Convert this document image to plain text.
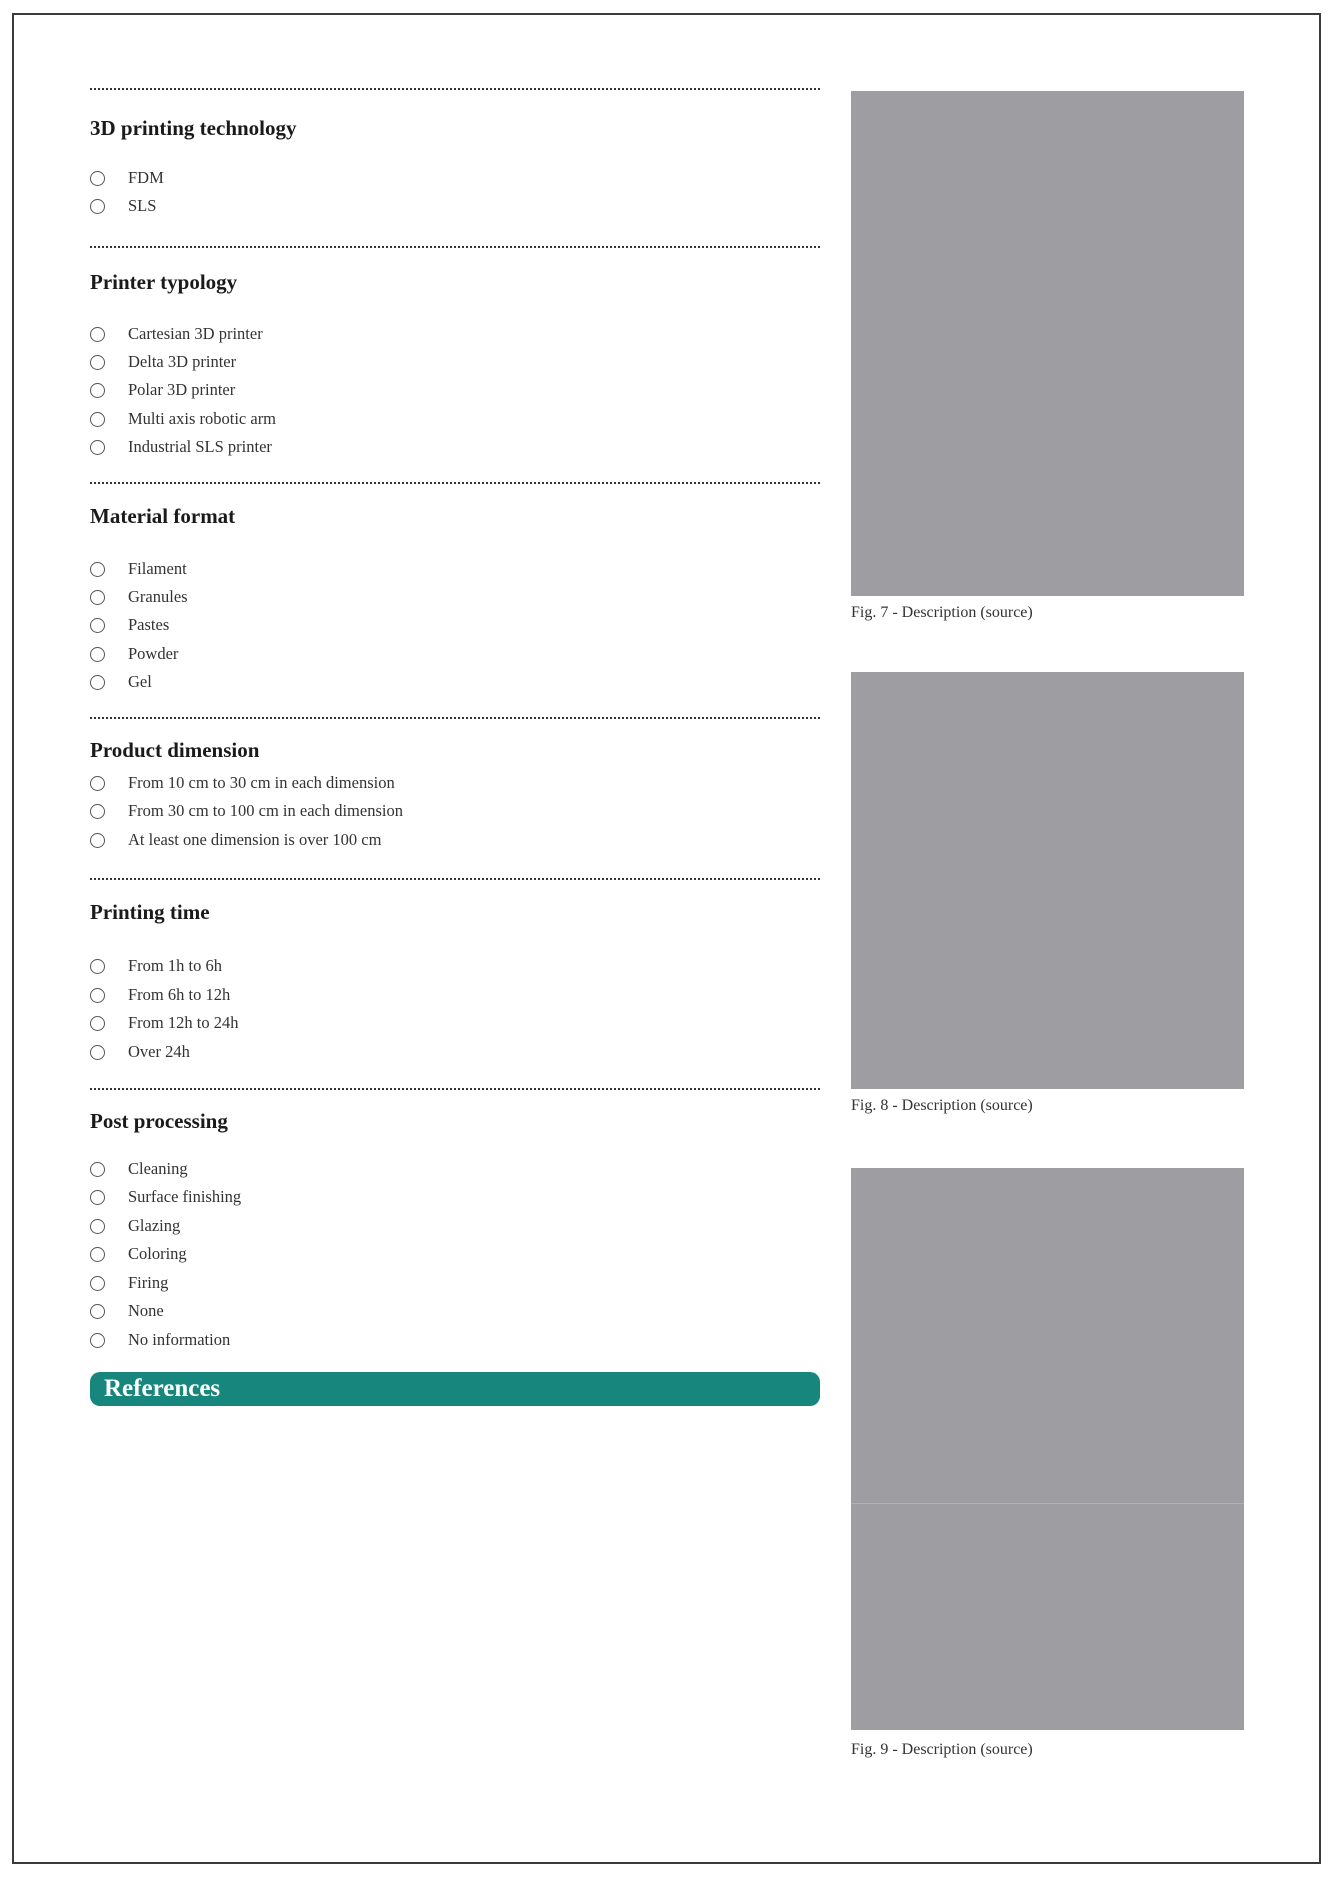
3D printing technology
FDM
SLS
Printer typology
Cartesian 3D printer
Delta 3D printer
Polar 3D printer
Multi axis robotic arm
Industrial SLS printer
Material format
Filament
Granules
Pastes
Powder
Gel
Product dimension
From 10 cm to 30 cm in each dimension
From 30 cm to 100 cm in each dimension
At least one dimension is over 100 cm
Printing time
From 1h to 6h
From 6h to 12h
From 12h to 24h
Over 24h
Post processing
Cleaning
Surface finishing
Glazing
Coloring
Firing
None
No information
References
Fig. 7 - Description (source)
Fig. 8 - Description (source)
Fig. 9 - Description (source)
